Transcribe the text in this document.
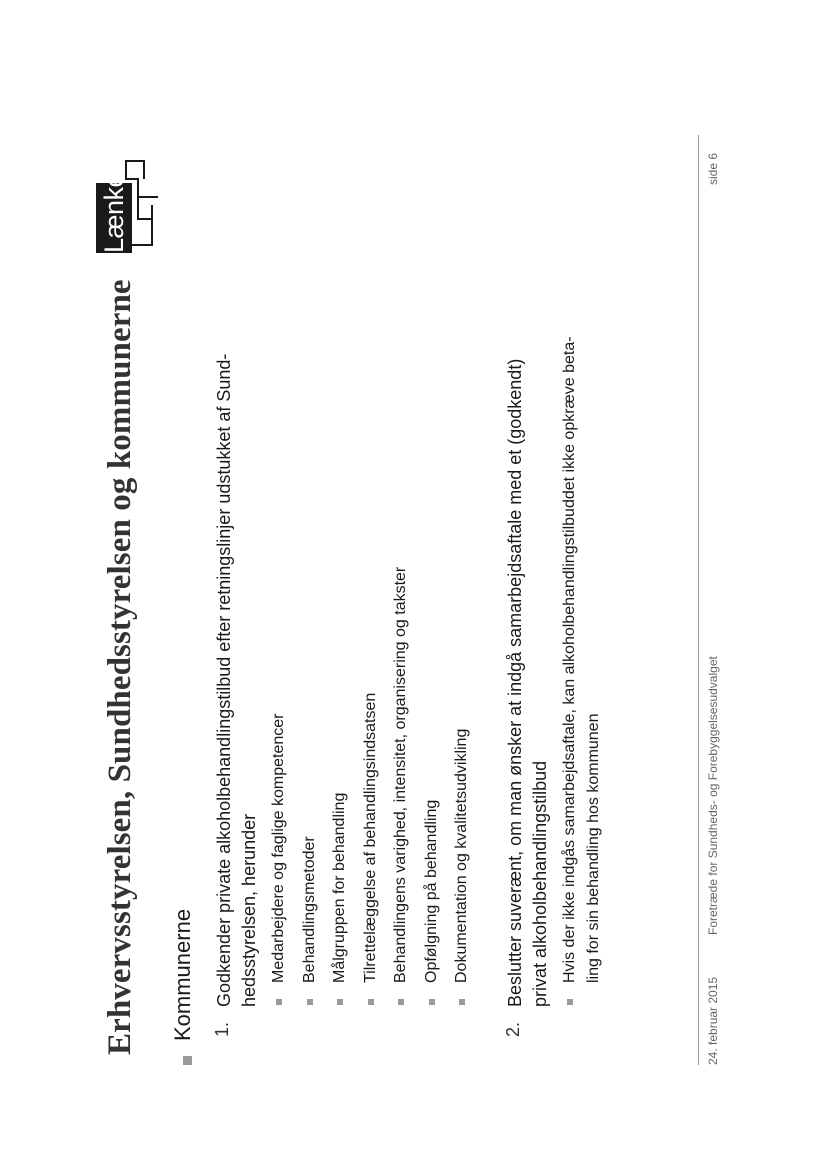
Erhvervsstyrelsen, Sundhedsstyrelsen og kommunerne
Lænken
Kommunerne 1.
Godkender private alkoholbehandlingstilbud efter retningslinjer udstukket af Sund- hedsstyrelsen, herunder Medarbejdere og faglige kompetencer Behandlingsmetoder Målgruppen for behandling Tilrettelæggelse af behandlingsindsatsen Behandlingens varighed, intensitet, organisering og takster Opfølgning på behandling Dokumentation og kvalitetsudvikling
2.
Beslutter suverænt, om man ønsker at indgå samarbejdsaftale med et (godkendt) privat alkoholbehandlingstilbud Hvis der ikke indgås samarbejdsaftale, kan alkoholbehandlingstilbuddet ikke opkræve beta- ling for sin behandling hos kommunen
24. februar 2015
Foretræde for Sundheds- og Forebyggelsesudvalget
side 6
